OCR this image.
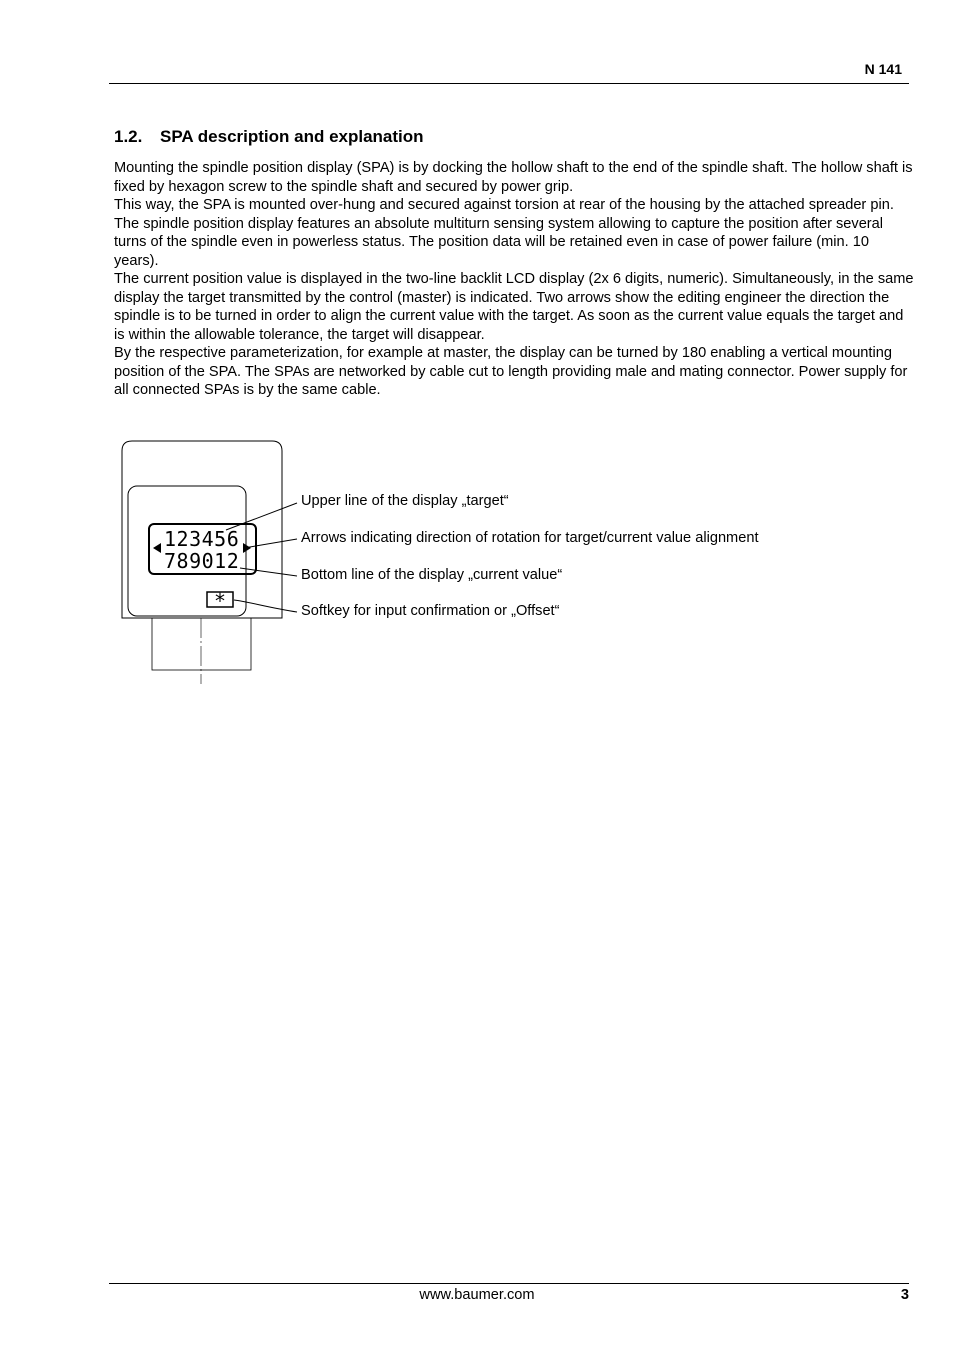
N 141
1.2. SPA description and explanation

Mounting the spindle position display (SPA) is by docking the hollow shaft to the end of the spindle shaft. The hollow shaft is fixed by hexagon screw to the spindle shaft and secured by power grip.

This way, the SPA is mounted over-hung and secured against torsion at rear of the housing by the attached spreader pin. The spindle position display features an absolute multiturn sensing system allowing to capture the position after several turns of the spindle even in powerless status. The position data will be retained even in case of power failure (min. 10 years).

The current position value is displayed in the two-line backlit LCD display (2x 6 digits, numeric). Simultaneously, in the same display the target transmitted by the control (master) is indicated. Two arrows show the editing engineer the direction the spindle is to be turned in order to align the current value with the target. As soon as the current value equals the target and is within the allowable tolerance, the target will disappear.

By the respective parameterization, for example at master, the display can be turned by 180 enabling a vertical mounting position of the SPA. The SPAs are networked by cable cut to length providing male and mating connector. Power supply for all connected SPAs is by the same cable.

123456
789012
*
Upper line of the display „target“
Arrows indicating direction of rotation for target/current value alignment
Bottom line of the display „current value“
Softkey for input confirmation or „Offset“
www.baumer.com	3
